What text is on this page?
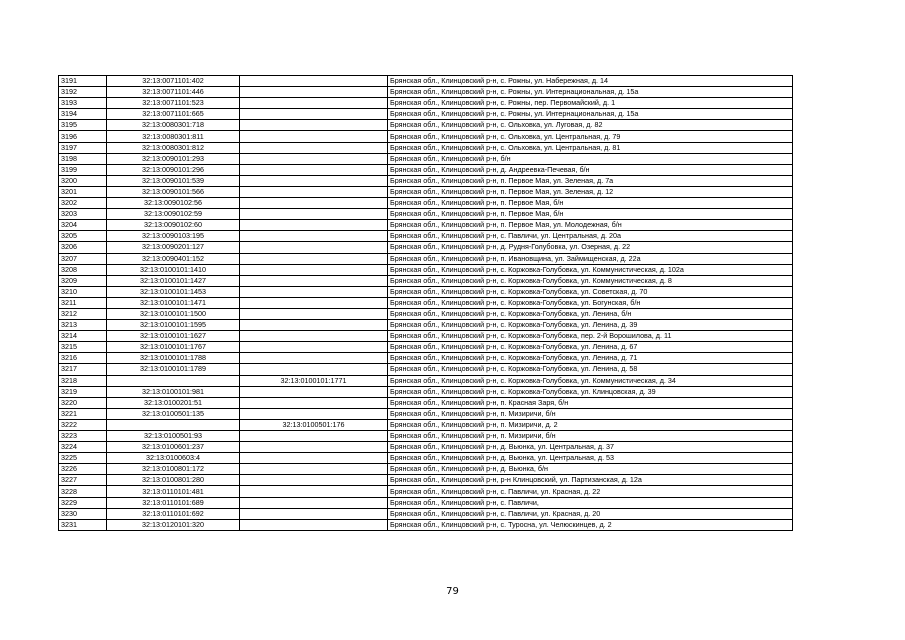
3191	32:13:0071101:402		Брянская обл., Клинцовский р-н, с. Рожны, ул. Набережная, д. 14
3192	32:13:0071101:446		Брянская обл., Клинцовский р-н, с. Рожны, ул. Интернациональная, д. 15а
3193	32:13:0071101:523		Брянская обл., Клинцовский р-н, с. Рожны, пер. Первомайский, д. 1
3194	32:13:0071101:665		Брянская обл., Клинцовский р-н, с. Рожны, ул. Интернациональная, д. 15а
3195	32:13:0080301:718		Брянская обл., Клинцовский р-н, с. Ольховка, ул. Луговая, д. 82
3196	32:13:0080301:811		Брянская обл., Клинцовский р-н, с. Ольховка, ул. Центральная, д. 79
3197	32:13:0080301:812		Брянская обл., Клинцовский р-н, с. Ольховка, ул. Центральная, д. 81
3198	32:13:0090101:293		Брянская обл., Клинцовский р-н, б/н
3199	32:13:0090101:296		Брянская обл., Клинцовский р-н, д. Андреевка-Печевая, б/н
3200	32:13:0090101:539		Брянская обл., Клинцовский р-н, п. Первое Мая, ул. Зеленая, д. 7а
3201	32:13:0090101:566		Брянская обл., Клинцовский р-н, п. Первое Мая, ул. Зеленая, д. 12
3202	32:13:0090102:56		Брянская обл., Клинцовский р-н, п. Первое Мая, б/н
3203	32:13:0090102:59		Брянская обл., Клинцовский р-н, п. Первое Мая, б/н
3204	32:13:0090102:60		Брянская обл., Клинцовский р-н, п. Первое Мая, ул. Молодежная, б/н
3205	32:13:0090103:195		Брянская обл., Клинцовский р-н, с. Павличи, ул. Центральная, д. 20а
3206	32:13:0090201:127		Брянская обл., Клинцовский р-н, д. Рудня-Голубовка, ул. Озерная, д. 22
3207	32:13:0090401:152		Брянская обл., Клинцовский р-н, п. Ивановщина, ул. Займищенская, д. 22а
3208	32:13:0100101:1410		Брянская обл., Клинцовский р-н, с. Коржовка-Голубовка, ул. Коммунистическая, д. 102а
3209	32:13:0100101:1427		Брянская обл., Клинцовский р-н, с. Коржовка-Голубовка, ул. Коммунистическая, д. 8
3210	32:13:0100101:1453		Брянская обл., Клинцовский р-н, с. Коржовка-Голубовка, ул. Советская, д. 70
3211	32:13:0100101:1471		Брянская обл., Клинцовский р-н, с. Коржовка-Голубовка, ул. Богунская, б/н
3212	32:13:0100101:1500		Брянская обл., Клинцовский р-н, с. Коржовка-Голубовка, ул. Ленина, б/н
3213	32:13:0100101:1595		Брянская обл., Клинцовский р-н, с. Коржовка-Голубовка, ул. Ленина, д. 39
3214	32:13:0100101:1627		Брянская обл., Клинцовский р-н, с. Коржовка-Голубовка, пер. 2-й Ворошилова, д. 11
3215	32:13:0100101:1767		Брянская обл., Клинцовский р-н, с. Коржовка-Голубовка, ул. Ленина, д. 67
3216	32:13:0100101:1788		Брянская обл., Клинцовский р-н, с. Коржовка-Голубовка, ул. Ленина, д. 71
3217	32:13:0100101:1789		Брянская обл., Клинцовский р-н, с. Коржовка-Голубовка, ул. Ленина, д. 58
3218		32:13:0100101:1771	Брянская обл., Клинцовский р-н, с. Коржовка-Голубовка, ул. Коммунистическая, д. 34
3219	32:13:0100101:981		Брянская обл., Клинцовский р-н, с. Коржовка-Голубовка, ул. Клинцовская, д. 39
3220	32:13:0100201:51		Брянская обл., Клинцовский р-н, п. Красная Заря, б/н
3221	32:13:0100501:135		Брянская обл., Клинцовский р-н, п. Мизиричи, б/н
3222		32:13:0100501:176	Брянская обл., Клинцовский р-н, п. Мизиричи, д. 2
3223	32:13:0100501:93		Брянская обл., Клинцовский р-н, п. Мизиричи, б/н
3224	32:13:0100601:237		Брянская обл., Клинцовский р-н, д. Вьюнка, ул. Центральная, д. 37
3225	32:13:0100603:4		Брянская обл., Клинцовский р-н, д. Вьюнка, ул. Центральная, д. 53
3226	32:13:0100801:172		Брянская обл., Клинцовский р-н, д. Вьюнка, б/н
3227	32:13:0100801:280		Брянская обл., Клинцовский р-н, р-н Клинцовский, ул. Партизанская, д. 12а
3228	32:13:0110101:481		Брянская обл., Клинцовский р-н, с. Павличи, ул. Красная, д. 22
3229	32:13:0110101:689		Брянская обл., Клинцовский р-н, с. Павличи,
3230	32:13:0110101:692		Брянская обл., Клинцовский р-н, с. Павличи, ул. Красная, д. 20
3231	32:13:0120101:320		Брянская обл., Клинцовский р-н, с. Туросна, ул. Челюскинцев, д. 2
79
